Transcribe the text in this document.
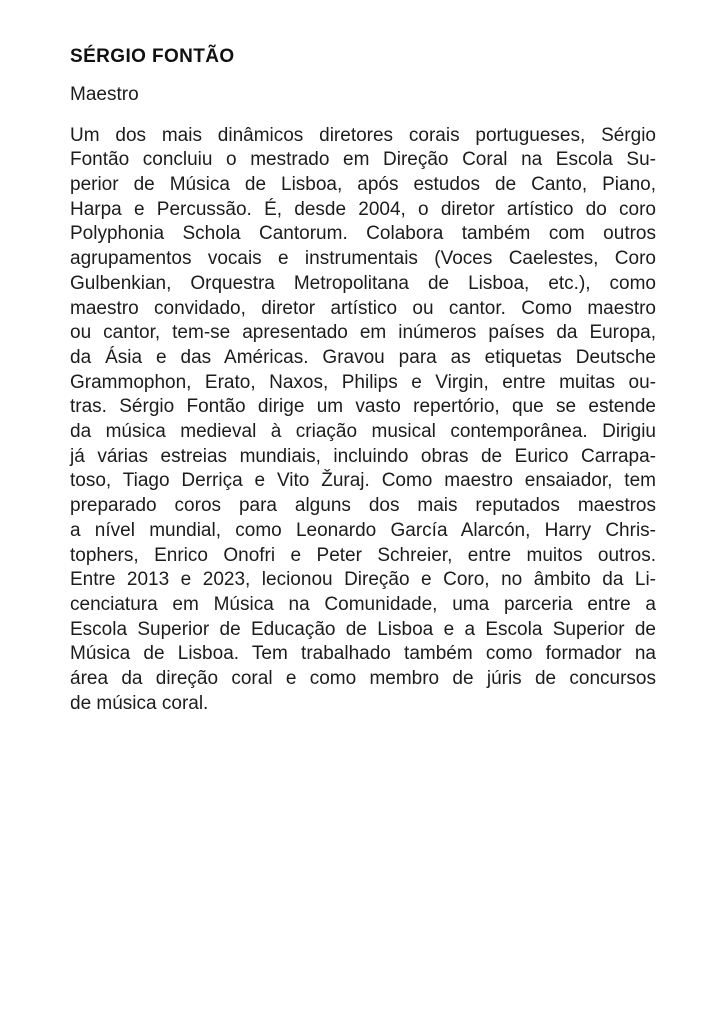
SÉRGIO FONTÃO

Maestro

Um dos mais dinâmicos diretores corais portugueses, Sérgio
Fontão concluiu o mestrado em Direção Coral na Escola Su-
perior de Música de Lisboa, após estudos de Canto, Piano,
Harpa e Percussão. É, desde 2004, o diretor artístico do coro
Polyphonia Schola Cantorum. Colabora também com outros
agrupamentos vocais e instrumentais (Voces Caelestes, Coro
Gulbenkian, Orquestra Metropolitana de Lisboa, etc.), como
maestro convidado, diretor artístico ou cantor. Como maestro
ou cantor, tem-se apresentado em inúmeros países da Europa,
da Ásia e das Américas. Gravou para as etiquetas Deutsche
Grammophon, Erato, Naxos, Philips e Virgin, entre muitas ou-
tras. Sérgio Fontão dirige um vasto repertório, que se estende
da música medieval à criação musical contemporânea. Dirigiu
já várias estreias mundiais, incluindo obras de Eurico Carrapa-
toso, Tiago Derriça e Vito Žuraj. Como maestro ensaiador, tem
preparado coros para alguns dos mais reputados maestros
a nível mundial, como Leonardo García Alarcón, Harry Chris-
tophers, Enrico Onofri e Peter Schreier, entre muitos outros.
Entre 2013 e 2023, lecionou Direção e Coro, no âmbito da Li-
cenciatura em Música na Comunidade, uma parceria entre a
Escola Superior de Educação de Lisboa e a Escola Superior de
Música de Lisboa. Tem trabalhado também como formador na
área da direção coral e como membro de júris de concursos
de música coral.
